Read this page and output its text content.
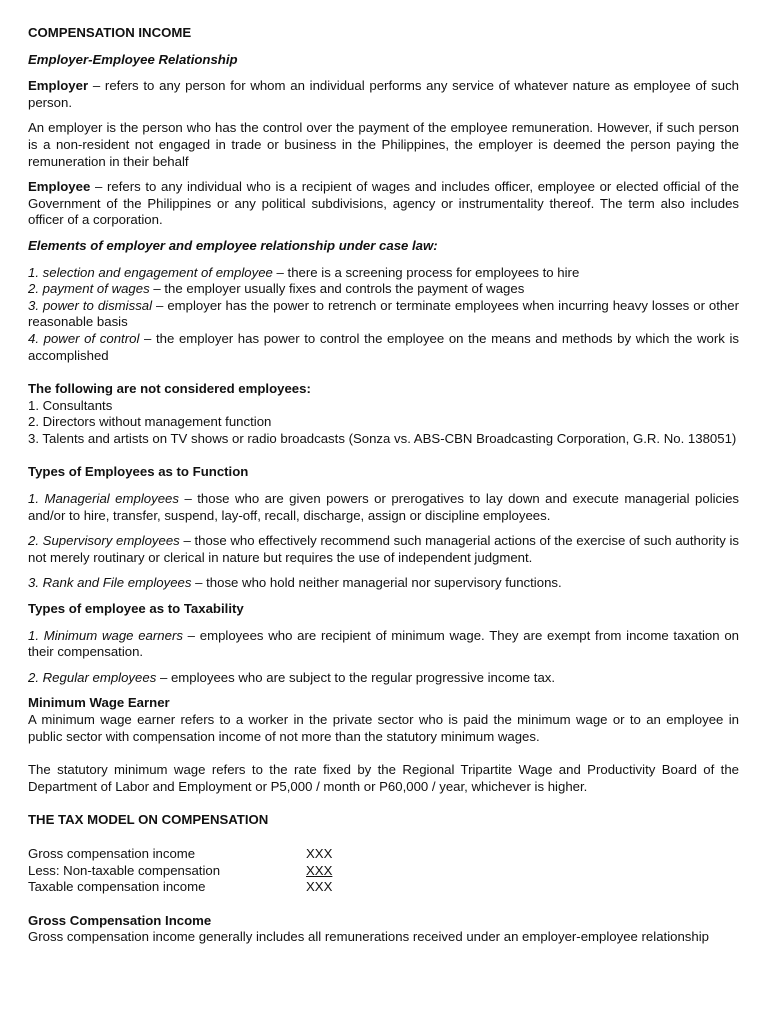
COMPENSATION INCOME

Employer-Employee Relationship

Employer – refers to any person for whom an individual performs any service of whatever nature as employee of such person.

An employer is the person who has the control over the payment of the employee remuneration. However, if such person is a non-resident not engaged in trade or business in the Philippines, the employer is deemed the person paying the remuneration in their behalf

Employee – refers to any individual who is a recipient of wages and includes officer, employee or elected official of the Government of the Philippines or any political subdivisions, agency or instrumentality thereof. The term also includes officer of a corporation.

Elements of employer and employee relationship under case law:

1. selection and engagement of employee – there is a screening process for employees to hire

2. payment of wages – the employer usually fixes and controls the payment of wages

3. power to dismissal – employer has the power to retrench or terminate employees when incurring heavy losses or other reasonable basis

4. power of control – the employer has power to control the employee on the means and methods by which the work is accomplished

The following are not considered employees:

1. Consultants

2. Directors without management function

3. Talents and artists on TV shows or radio broadcasts (Sonza vs. ABS-CBN Broadcasting Corporation, G.R. No. 138051)

Types of Employees as to Function

1. Managerial employees – those who are given powers or prerogatives to lay down and execute managerial policies and/or to hire, transfer, suspend, lay-off, recall, discharge, assign or discipline employees.

2. Supervisory employees – those who effectively recommend such managerial actions of the exercise of such authority is not merely routinary or clerical in nature but requires the use of independent judgment.

3. Rank and File employees – those who hold neither managerial nor supervisory functions.

Types of employee as to Taxability

1. Minimum wage earners – employees who are recipient of minimum wage. They are exempt from income taxation on their compensation.

2. Regular employees – employees who are subject to the regular progressive income tax.

Minimum Wage Earner

A minimum wage earner refers to a worker in the private sector who is paid the minimum wage or to an employee in public sector with compensation income of not more than the statutory minimum wages.

The statutory minimum wage refers to the rate fixed by the Regional Tripartite Wage and Productivity Board of the Department of Labor and Employment or P5,000 / month or P60,000 / year, whichever is higher.

THE TAX MODEL ON COMPENSATION

Gross compensation income	XXX
Less: Non-taxable compensation	XXX
Taxable compensation income	XXX

Gross Compensation Income

Gross compensation income generally includes all remunerations received under an employer-employee relationship
